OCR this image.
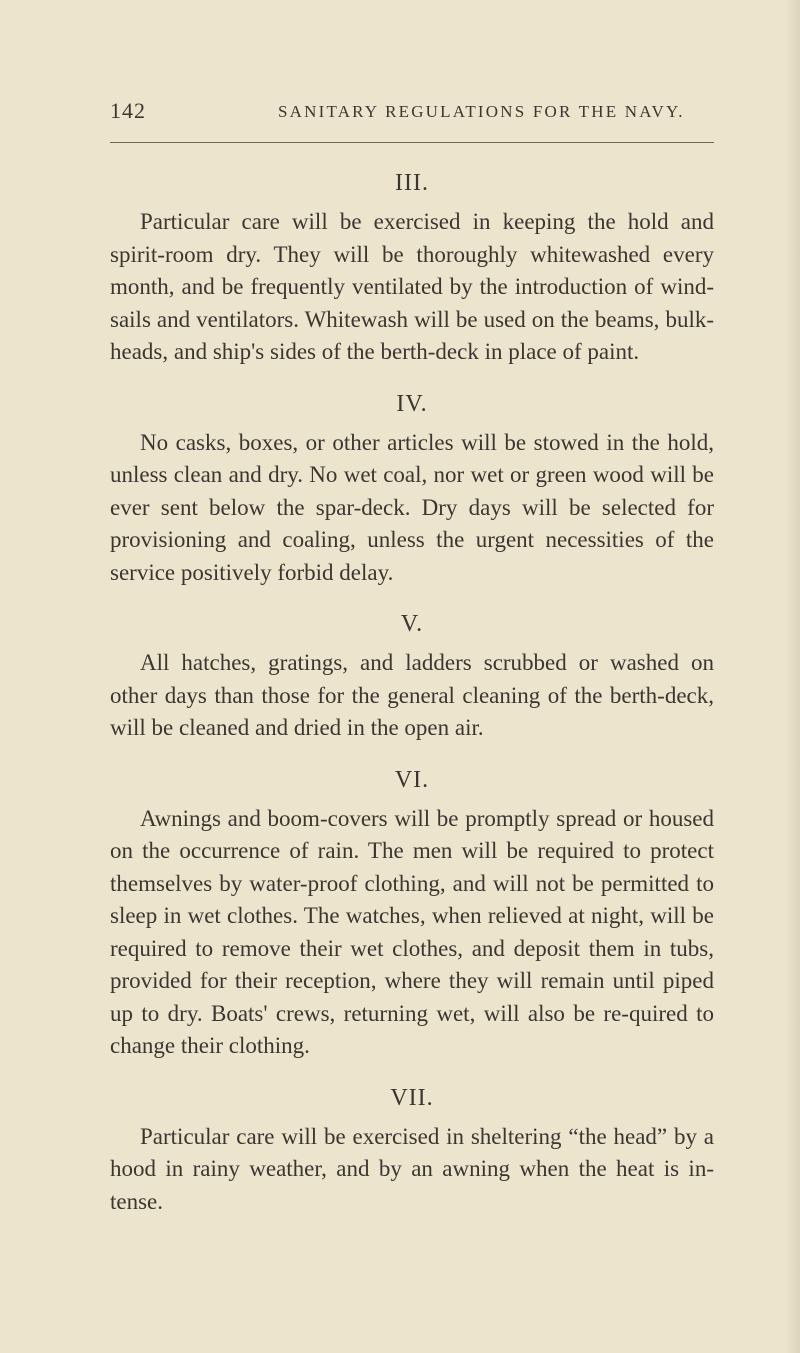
142	SANITARY REGULATIONS FOR THE NAVY.
III.

Particular care will be exercised in keeping the hold and spirit-room dry. They will be thoroughly whitewashed every month, and be frequently ventilated by the introduction of wind-sails and ventilators. Whitewash will be used on the beams, bulk-heads, and ship's sides of the berth-deck in place of paint.

IV.

No casks, boxes, or other articles will be stowed in the hold, unless clean and dry. No wet coal, nor wet or green wood will be ever sent below the spar-deck. Dry days will be selected for provisioning and coaling, unless the urgent necessities of the service positively forbid delay.

V.

All hatches, gratings, and ladders scrubbed or washed on other days than those for the general cleaning of the berth-deck, will be cleaned and dried in the open air.

VI.

Awnings and boom-covers will be promptly spread or housed on the occurrence of rain. The men will be required to protect themselves by water-proof clothing, and will not be permitted to sleep in wet clothes. The watches, when relieved at night, will be required to remove their wet clothes, and deposit them in tubs, provided for their reception, where they will remain until piped up to dry. Boats' crews, returning wet, will also be re-quired to change their clothing.

VII.

Particular care will be exercised in sheltering “the head” by a hood in rainy weather, and by an awning when the heat is in-tense.
